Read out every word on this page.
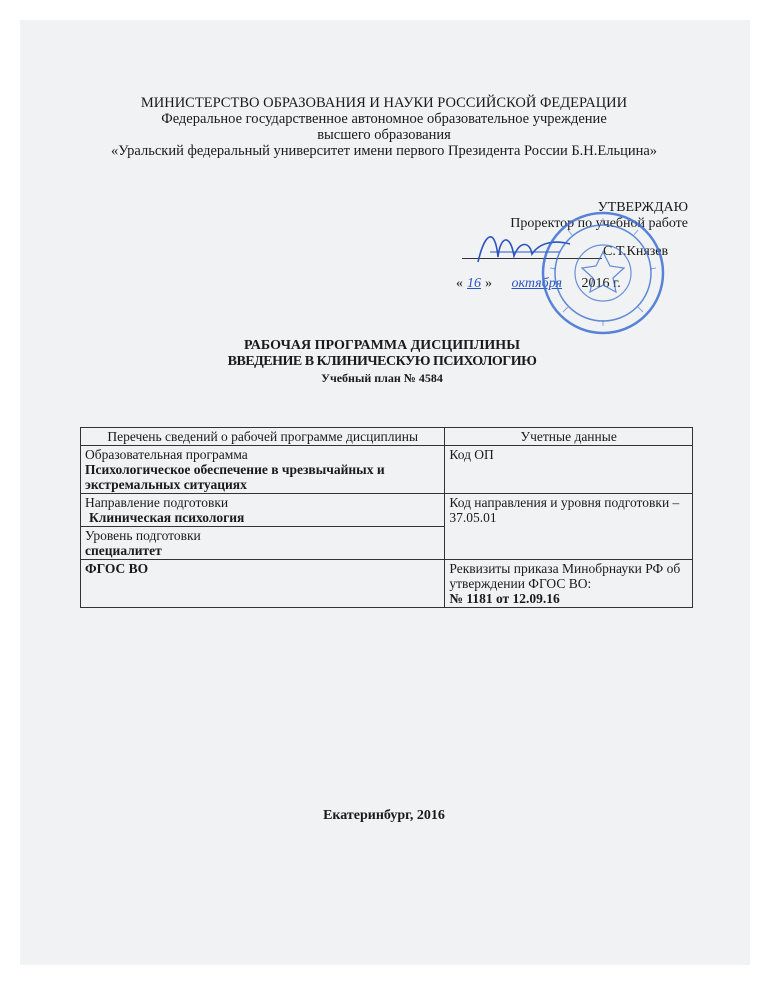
МИНИСТЕРСТВО ОБРАЗОВАНИЯ И НАУКИ РОССИЙСКОЙ ФЕДЕРАЦИИ
Федеральное государственное автономное образовательное учреждение
высшего образования
«Уральский федеральный университет имени первого Президента России Б.Н.Ельцина»
УТВЕРЖДАЮ
Проректор по учебной работе
С.Т.Князев
« 16 » октября 2016 г.
РАБОЧАЯ ПРОГРАММА ДИСЦИПЛИНЫ
ВВЕДЕНИЕ В КЛИНИЧЕСКУЮ ПСИХОЛОГИЮ
Учебный план № 4584
Перечень сведений о рабочей программе дисциплины	Учетные данные

Образовательная программа
Психологическое обеспечение в чрезвычайных и экстремальных ситуациях	Код ОП

Направление подготовки
Клиническая психология	Код направления и уровня подготовки – 37.05.01

Уровень подготовки
специалитет	

ФГОС ВО	Реквизиты приказа Минобрнауки РФ об утверждении ФГОС ВО:
№ 1181 от 12.09.16
Екатеринбург, 2016
